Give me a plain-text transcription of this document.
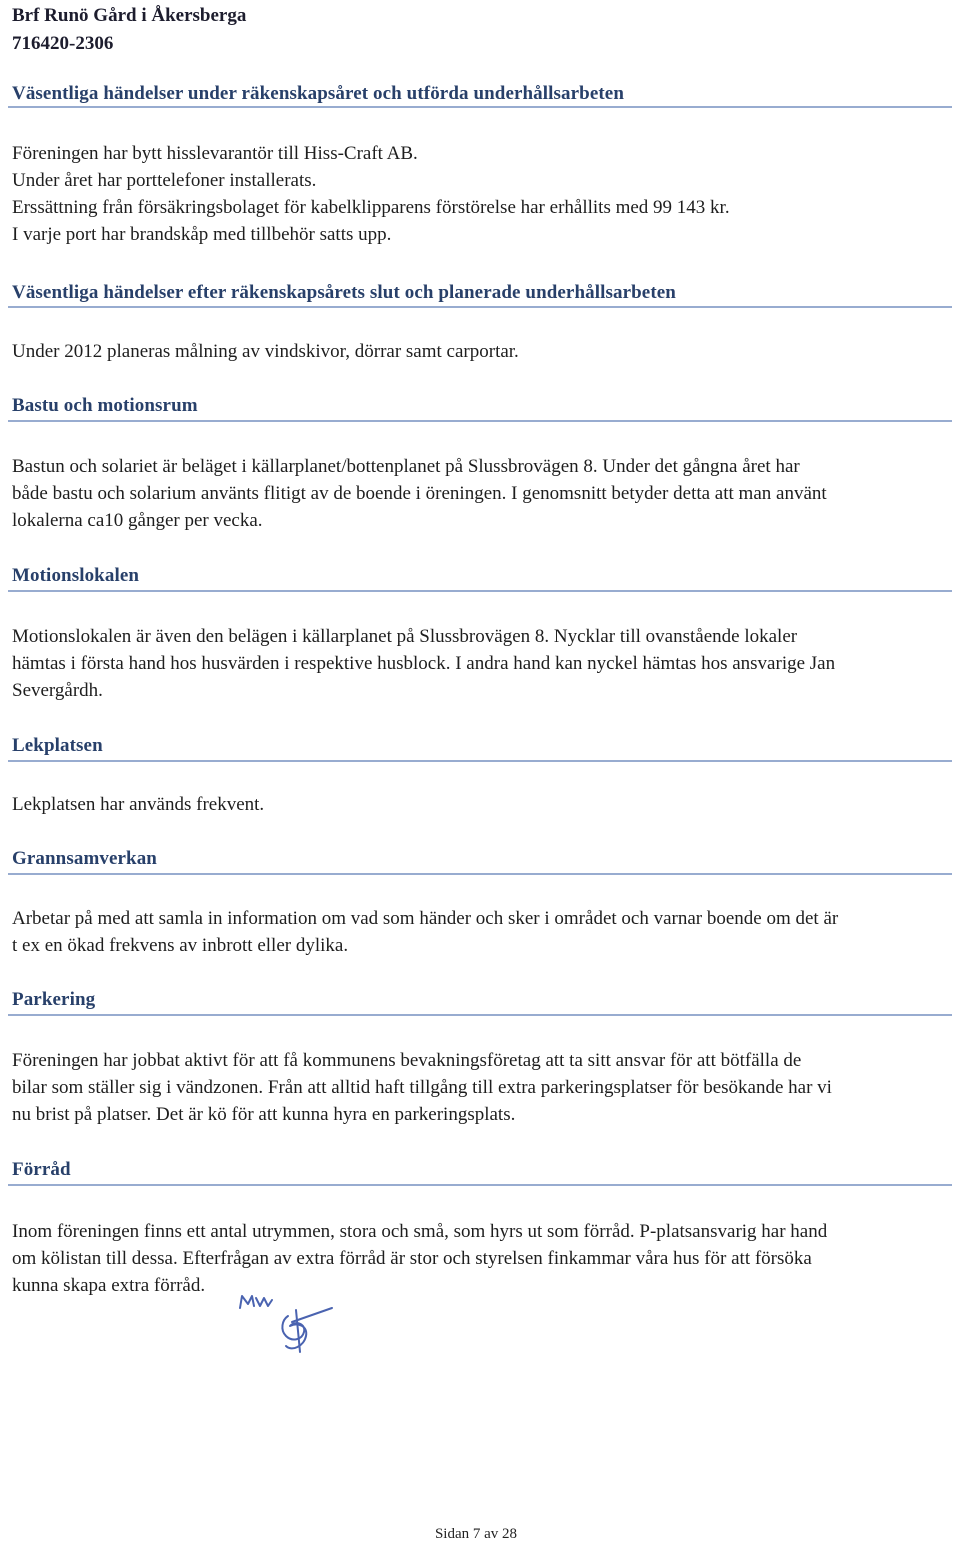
Brf Runö Gård i Åkersberga
716420-2306
Väsentliga händelser under räkenskapsåret och utförda underhållsarbeten
Föreningen har bytt hisslevarantör till Hiss-Craft AB.
Under året har porttelefoner installerats.
Erssättning från försäkringsbolaget för kabelklipparens förstörelse har erhållits med 99 143 kr.
I varje port har brandskåp med tillbehör satts upp.
Väsentliga händelser efter räkenskapsårets slut och planerade underhållsarbeten
Under 2012 planeras målning av vindskivor, dörrar samt carportar.
Bastu och motionsrum
Bastun och solariet är beläget i källarplanet/bottenplanet på Slussbrovägen 8. Under det gångna året har
både bastu och solarium använts flitigt av de boende i öreningen. I genomsnitt betyder detta att man använt
lokalerna ca10 gånger per vecka.
Motionslokalen
Motionslokalen är även den belägen i källarplanet på Slussbrovägen 8. Nycklar till ovanstående lokaler
hämtas i första hand hos husvärden i respektive husblock. I andra hand kan nyckel hämtas hos ansvarige Jan
Severgårdh.
Lekplatsen
Lekplatsen har används frekvent.
Grannsamverkan
Arbetar på med att samla in information om vad som händer och sker i området och varnar boende om det är
t ex en ökad frekvens av inbrott eller dylika.
Parkering
Föreningen har jobbat aktivt för att få kommunens bevakningsföretag att ta sitt ansvar för att bötfälla de
bilar som ställer sig i vändzonen. Från att alltid haft tillgång till extra parkeringsplatser för besökande har vi
nu brist på platser. Det är kö för att kunna hyra en parkeringsplats.
Förråd
Inom föreningen finns ett antal utrymmen, stora och små, som hyrs ut som förråd. P-platsansvarig har hand
om kölistan till dessa. Efterfrågan av extra förråd är stor och styrelsen finkammar våra hus för att försöka
kunna skapa extra förråd.
Sidan 7 av 28
